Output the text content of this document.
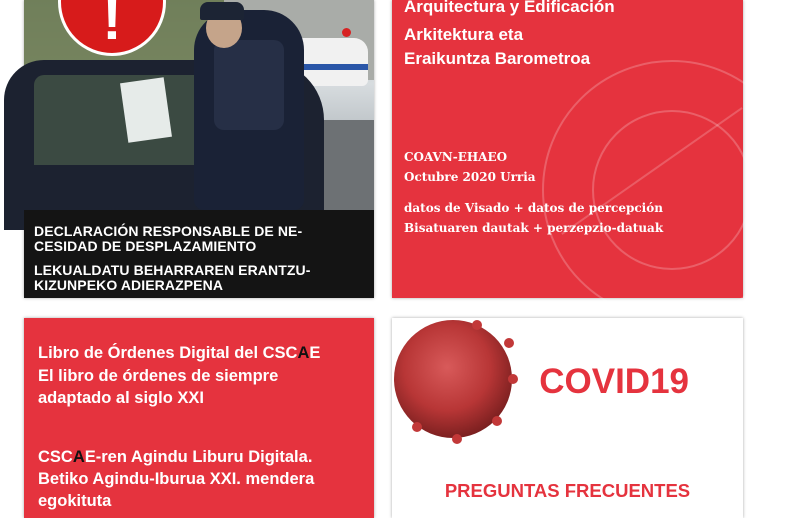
!
DECLARACIÓN RESPONSABLE DE NE-
CESIDAD DE DESPLAZAMIENTO
LEKUALDATU BEHARRAREN ERANTZU-
KIZUNPEKO ADIERAZPENA
Arquitectura y Edificación
Arkitektura eta
Eraikuntza Barometroa
COAVN-EHAEO
Octubre 2020 Urria
datos de Visado + datos de percepción
Bisatuaren dautak + perzepzio-datuak
Libro de Órdenes Digital del CSCAE
El libro de órdenes de siempre
adaptado al siglo XXI
CSCAE-ren Agindu Liburu Digitala.
Betiko Agindu-Iburua XXI. mendera
egokituta
COVID19
PREGUNTAS FRECUENTES
